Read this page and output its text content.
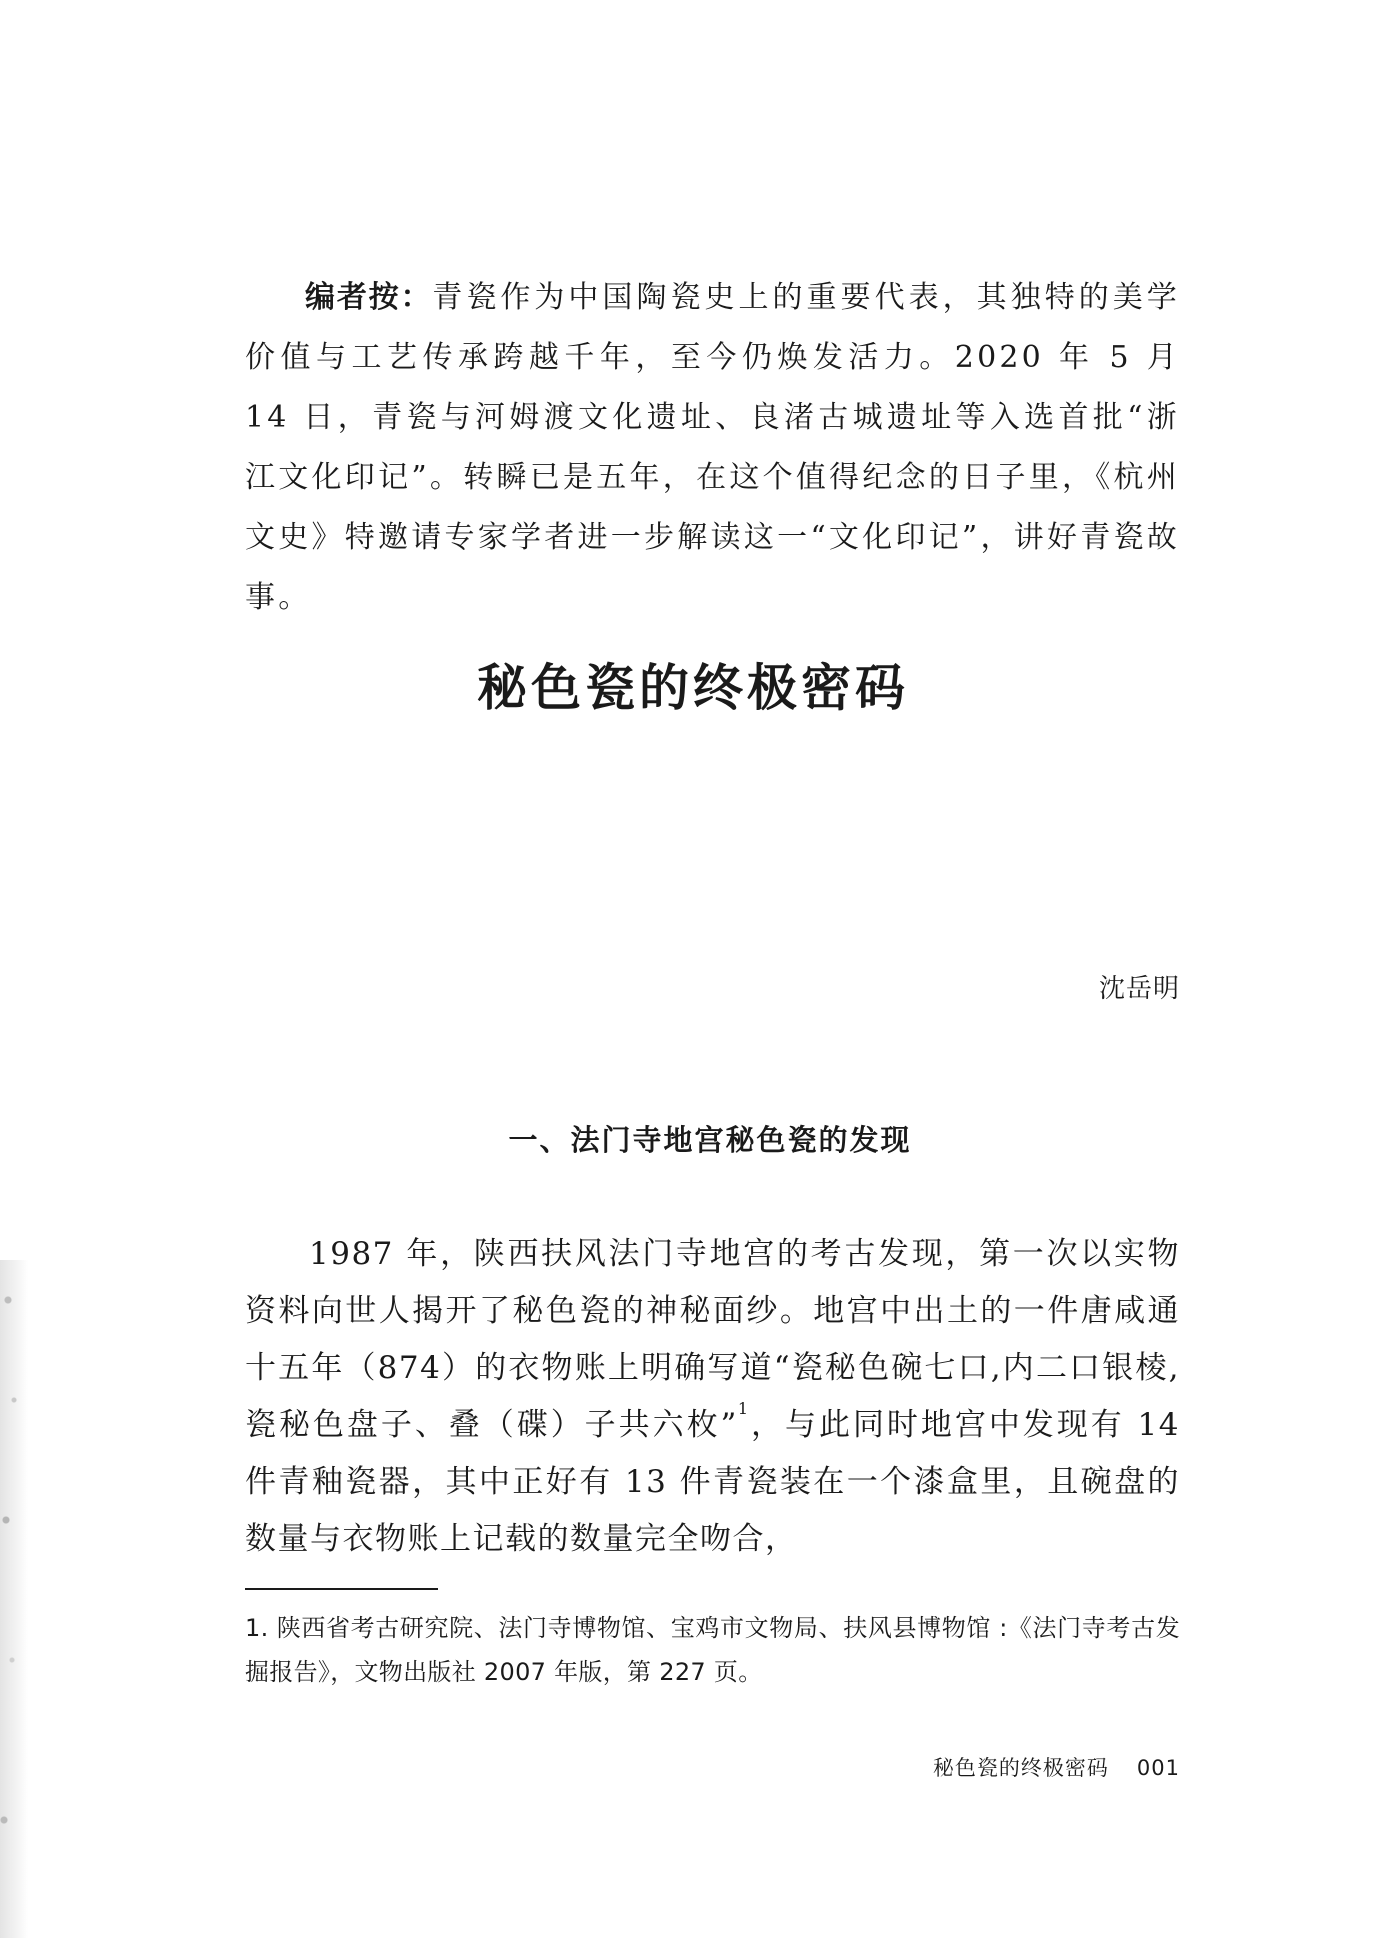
编者按：青瓷作为中国陶瓷史上的重要代表，其独特的美学价值与工艺传承跨越千年，至今仍焕发活力。2020 年 5 月 14 日，青瓷与河姆渡文化遗址、良渚古城遗址等入选首批“浙江文化印记”。转瞬已是五年，在这个值得纪念的日子里，《杭州文史》特邀请专家学者进一步解读这一“文化印记”，讲好青瓷故事。

秘色瓷的终极密码
沈岳明
一、法门寺地宫秘色瓷的发现

1987 年，陕西扶风法门寺地宫的考古发现，第一次以实物资料向世人揭开了秘色瓷的神秘面纱。地宫中出土的一件唐咸通十五年（874）的衣物账上明确写道“瓷秘色碗七口,内二口银棱,瓷秘色盘子、叠（碟）子共六枚”$^1$，与此同时地宫中发现有 14 件青釉瓷器，其中正好有 13 件青瓷装在一个漆盒里，且碗盘的数量与衣物账上记载的数量完全吻合，

1. 陕西省考古研究院、法门寺博物馆、宝鸡市文物局、扶风县博物馆 :《法门寺考古发掘报告》，文物出版社 2007 年版，第 227 页。

秘色瓷的终极密码 001
